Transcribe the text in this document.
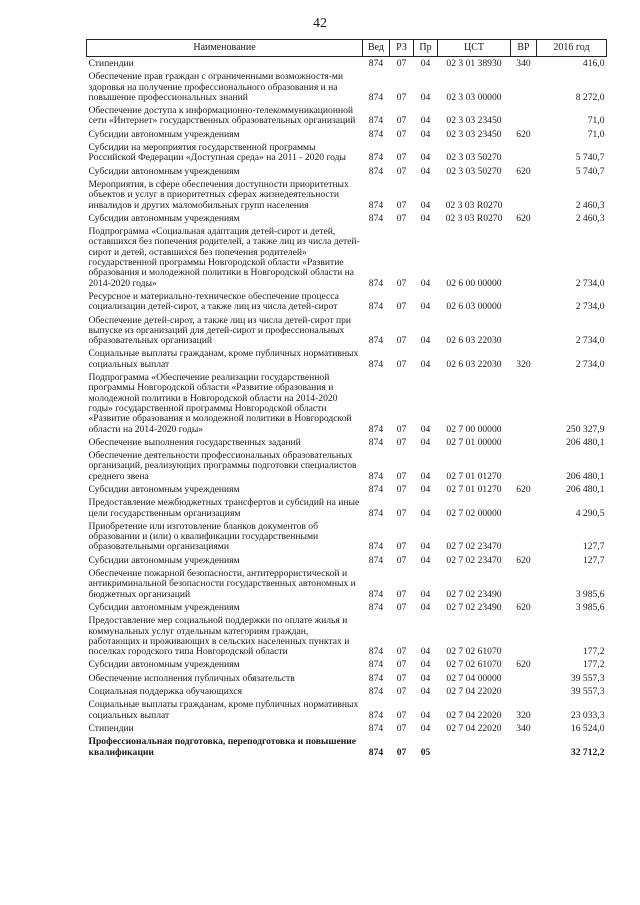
42
Наименование	Вед	РЗ	Пр	ЦСТ	ВР	2016 год
Стипендии	874	07	04	02 3 01 38930	340	416,0
Обеспечение прав граждан с ограниченными возможностя-ми здоровья на получение профессионального образования и на повышение профессиональных знаний	874	07	04	02 3 03 00000		8 272,0
Обеспечение доступа к информационно-телекоммуникационной сети «Интернет» государственных образовательных организаций	874	07	04	02 3 03 23450		71,0
Субсидии автономным учреждениям	874	07	04	02 3 03 23450	620	71,0
Субсидии на мероприятия государственной программы Российской Федерации «Доступная среда» на 2011 - 2020 годы	874	07	04	02 3 03 50270		5 740,7
Субсидии автономным учреждениям	874	07	04	02 3 03 50270	620	5 740,7
Мероприятия, в сфере обеспечения доступности приоритетных объектов и услуг в приоритетных сферах жизнедеятельности инвалидов и других маломобильных групп населения	874	07	04	02 3 03 R0270		2 460,3
Субсидии автономным учреждениям	874	07	04	02 3 03 R0270	620	2 460,3
Подпрограмма «Социальная адаптация детей-сирот и детей, оставшихся без попечения родителей, а также лиц из числа детей-сирот и детей, оставшихся без попечения родителей» государственной программы Новгородской области «Развитие образования и молодежной политики в Новгородской области на 2014-2020 годы»	874	07	04	02 6 00 00000		2 734,0
Ресурсное и материально-техническое обеспечение процесса социализации детей-сирот, а также лиц из числа детей-сирот	874	07	04	02 6 03 00000		2 734,0
Обеспечение детей-сирот, а также лиц из числа детей-сирот при выпуске из организаций для детей-сирот и профессиональных образовательных организаций	874	07	04	02 6 03 22030		2 734,0
Социальные выплаты гражданам, кроме публичных нормативных социальных выплат	874	07	04	02 6 03 22030	320	2 734,0
Подпрограмма «Обеспечение реализации государственной программы Новгородской области «Развитие образования и молодежной политики в Новгородской области на 2014-2020 годы» государственной программы Новгородской области «Развитие образования и молодежной политики в Новгородской области на 2014-2020 годы»	874	07	04	02 7 00 00000		250 327,9
Обеспечение выполнения государственных заданий	874	07	04	02 7 01 00000		206 480,1
Обеспечение деятельности профессиональных образовательных организаций, реализующих программы подготовки специалистов среднего звена	874	07	04	02 7 01 01270		206 480,1
Субсидии автономным учреждениям	874	07	04	02 7 01 01270	620	206 480,1
Предоставление межбюджетных трансфертов и субсидий на иные цели государственным организациям	874	07	04	02 7 02 00000		4 290,5
Приобретение или изготовление бланков документов об образовании и (или) о квалификации государственными образовательными организациями	874	07	04	02 7 02 23470		127,7
Субсидии автономным учреждениям	874	07	04	02 7 02 23470	620	127,7
Обеспечение пожарной безопасности, антитеррористической и антикриминальной безопасности государственных автономных и бюджетных организаций	874	07	04	02 7 02 23490		3 985,6
Субсидии автономным учреждениям	874	07	04	02 7 02 23490	620	3 985,6
Предоставление мер социальной поддержки по оплате жилья и коммунальных услуг отдельным категориям граждан, работающих и проживающих в сельских населенных пунктах и поселках городского типа Новгородской области	874	07	04	02 7 02 61070		177,2
Субсидии автономным учреждениям	874	07	04	02 7 02 61070	620	177,2
Обеспечение исполнения публичных обязательств	874	07	04	02 7 04 00000		39 557,3
Социальная поддержка обучающихся	874	07	04	02 7 04 22020		39 557,3
Социальные выплаты гражданам, кроме публичных нормативных социальных выплат	874	07	04	02 7 04 22020	320	23 033,3
Стипендии	874	07	04	02 7 04 22020	340	16 524,0
Профессиональная подготовка, переподготовка и повышение квалификации	874	07	05			32 712,2
